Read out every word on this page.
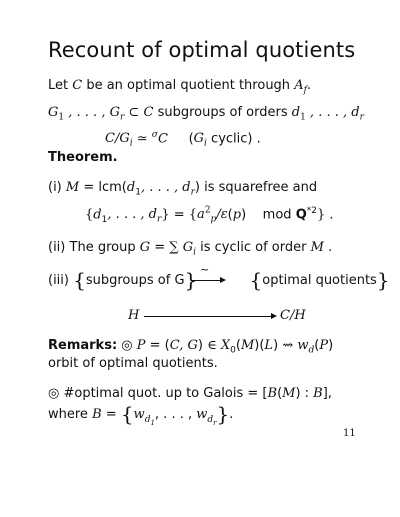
Recount of optimal quotients
Let C be an optimal quotient through $A_f$.
$G_1$ , . . . , $G_r$ ⊂ C subgroups of orders $d_1$ , . . . , $d_r$
$C/G_i$ ≃ $^\sigma$C     ($G_i$ cyclic) .
Theorem.
(i) $M = lcm(d_1$, . . . , $d_r$) is squarefree and
{$d_1$, . . . , $d_r\} = \{a^2_p/\varepsilon(p)$    mod $Q^{*2}$} .
(ii) The group G = ∑ $G_i$ is cyclic of order M .
(iii) {subgroups of G}	{optimal quotients}
~
H	C/H
Remarks: ◎ P = (C, G) ∈ $X_0(M)(L)$ ⇝ $w_d(P)$
orbit of optimal quotients.
◎ #optimal quot. up to Galois = [B(M) : B],
where $B = \{w_{d_1}$, . . . , $w_{d_r}$}.
11
